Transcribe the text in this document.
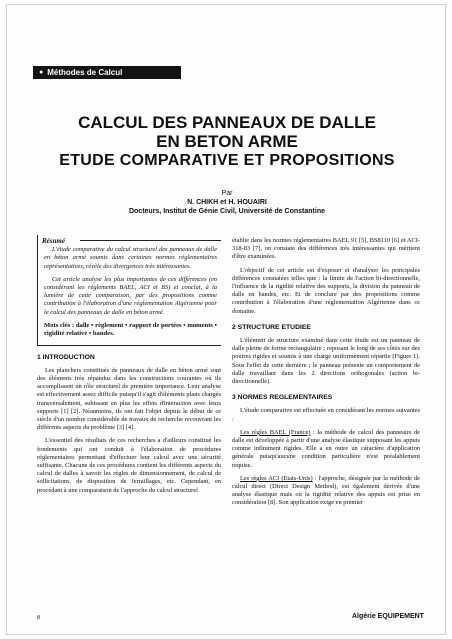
● Méthodes de Calcul
CALCUL DES PANNEAUX DE DALLE
EN BETON ARME
ETUDE COMPARATIVE ET PROPOSITIONS
Par
N. CHIKH et H. HOUAIRI
Docteurs, Institut de Génie Civil, Université de Constantine
Résumé

L'étude comparative du calcul structurel des panneaux de dalle en béton armé soumis dans certaines normes réglementaires représentatives, révèle des divergences très intéressantes.

Cet article analyse les plus importantes de ces différences (en considérant les règlements BAEL, ACI et BS) et conclut, à la lumière de cette comparaison, par des propositions comme contribution à l'élaboration d'une réglementation Algérienne pour le calcul des panneaux de dalle en béton armé.

Mots clés : dalle • règlement • rapport de portées • moments • rigidité relative • bandes.
1 INTRODUCTION

Les planchers constitués de panneaux de dalle en béton armé sont des éléments très répandus dans les constructions courantes où ils accomplissent un rôle structurel de première importance. Leur analyse est effectivement assez difficile puisqu'il s'agit d'éléments plans chargés transversalement, subissant en plus les effets d'interaction avec leurs supports [1] [2]. Néanmoins, ils ont fait l'objet depuis le début de ce siècle d'un nombre considérable de travaux de recherche recouvrant les différents aspects du problème [3] [4].

L'essentiel des résultats de ces recherches a d'ailleurs constitué les fondements qui ont conduit à l'élaboration de procédures réglementaires permettant d'effectuer leur calcul avec une sécurité suffisante. Chacune de ces procédures contient les différents aspects du calcul de dalles à savoir les règles de dimensionnement, de calcul de sollicitations, de disposition de ferraillages, etc. Cependant, en procédant à une comparaison de l'approche du calcul structurel

établie dans les normes réglementaires BAEL 91 [5], BS8110 [6] et ACI-318-83 [7], on constate des différences très intéressantes qui méritent d'être examinées.

L'objectif de cet article est d'exposer et d'analyser les principales différences constatées telles que : la limite de l'action bi-directionnelle, l'influence de la rigidité relative des supports, la division du panneau de dalle en bandes, etc. Et de conclure par des propositions comme contribution à l'élaboration d'une réglementation Algérienne dans ce domaine.

2 STRUCTURE ETUDIEE

L'élément de structure examiné dans cette étude est un panneau de dalle pleine de forme rectangulaire ; reposant le long de ses côtés sur des poutres rigides et soumis à une charge uniformément répartie (Figure 1). Sous l'effet de cette dernière ; le panneau présente un comportement de dalle travaillant dans les 2 directions orthogonales (action bi-directionnelle).

3 NORMES REGLEMENTAIRES

L'étude comparative est effectuée en considérant les normes suivantes :

Les règles BAEL (France) : la méthode de calcul des panneaux de dalle est développée à partir d'une analyse élastique supposant les appuis comme infiniment rigides. Elle a en outre un caractère d'application générale puisqu'aucune condition particulière n'est préalablement requise.

Les règles ACI (Etats-Unis) : l'approche, désignée par la méthode de calcul direct (Direct Design Method), est également dérivée d'une analyse élastique mais où la rigidité relative des appuis est prise en considération [8]. Son application exige en premier

8	Algérie EQUIPEMENT
